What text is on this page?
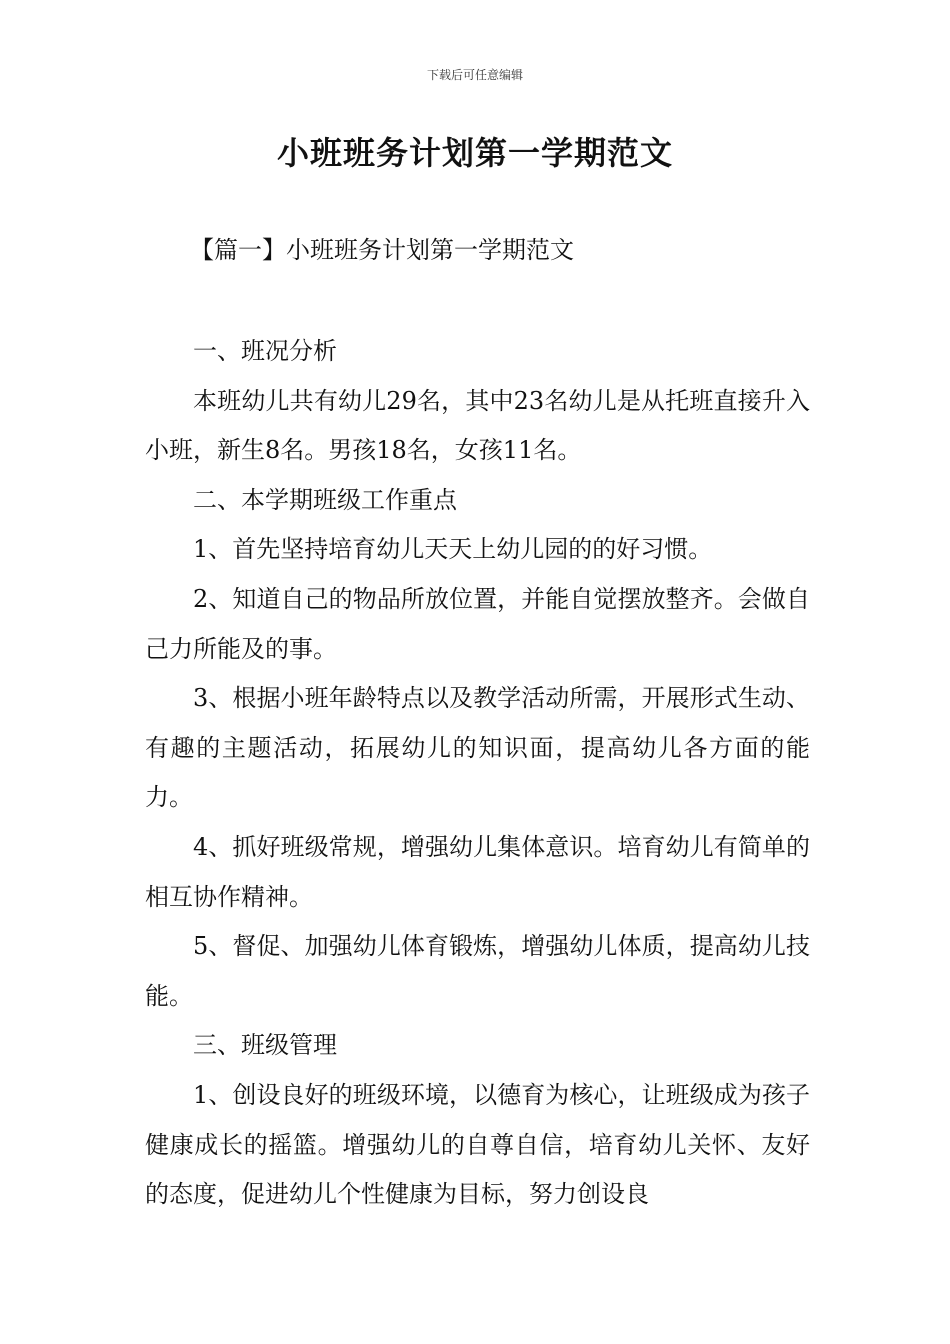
下载后可任意编辑
小班班务计划第一学期范文
【篇一】小班班务计划第一学期范文

一、班况分析

本班幼儿共有幼儿29名，其中23名幼儿是从托班直接升入小班，新生8名。男孩18名，女孩11名。

二、本学期班级工作重点

1、首先坚持培育幼儿天天上幼儿园的的好习惯。

2、知道自己的物品所放位置，并能自觉摆放整齐。会做自己力所能及的事。

3、根据小班年龄特点以及教学活动所需，开展形式生动、有趣的主题活动，拓展幼儿的知识面，提高幼儿各方面的能力。

4、抓好班级常规，增强幼儿集体意识。培育幼儿有简单的相互协作精神。

5、督促、加强幼儿体育锻炼，增强幼儿体质，提高幼儿技能。

三、班级管理

1、创设良好的班级环境，以德育为核心，让班级成为孩子健康成长的摇篮。增强幼儿的自尊自信，培育幼儿关怀、友好的态度，促进幼儿个性健康为目标，努力创设良
